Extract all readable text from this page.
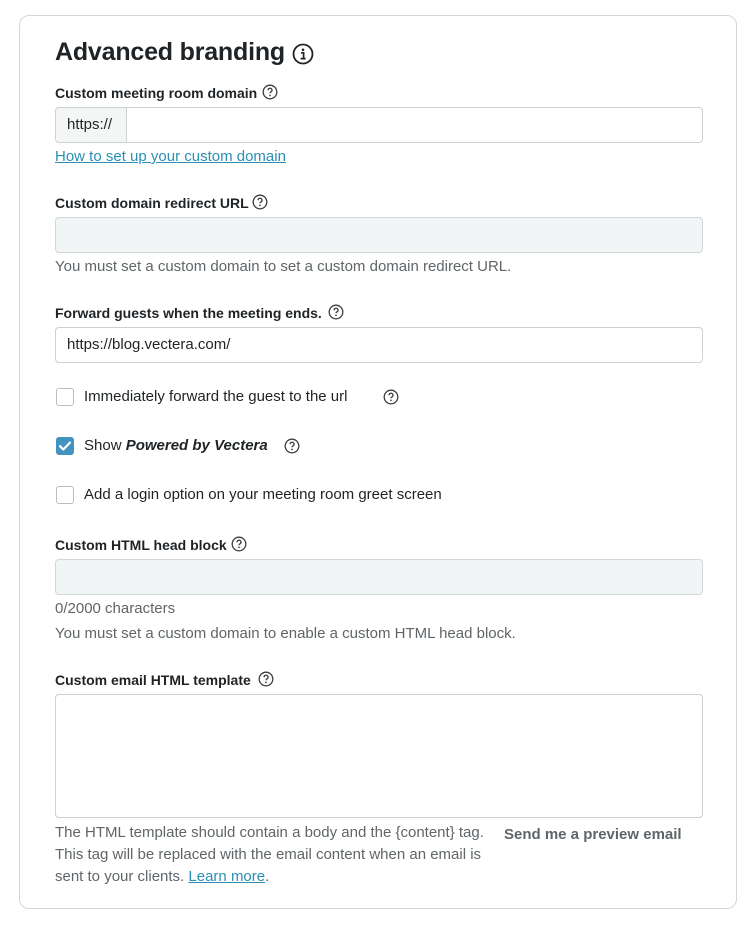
Advanced branding
Custom meeting room domain
https://
How to set up your custom domain
Custom domain redirect URL
You must set a custom domain to set a custom domain redirect URL.
Forward guests when the meeting ends.
https://blog.vectera.com/
Immediately forward the guest to the url
Show Powered by Vectera
Add a login option on your meeting room greet screen
Custom HTML head block
0/2000 characters
You must set a custom domain to enable a custom HTML head block.
Custom email HTML template
The HTML template should contain a body and the {content} tag. This tag will be replaced with the email content when an email is sent to your clients. Learn more.
Send me a preview email
